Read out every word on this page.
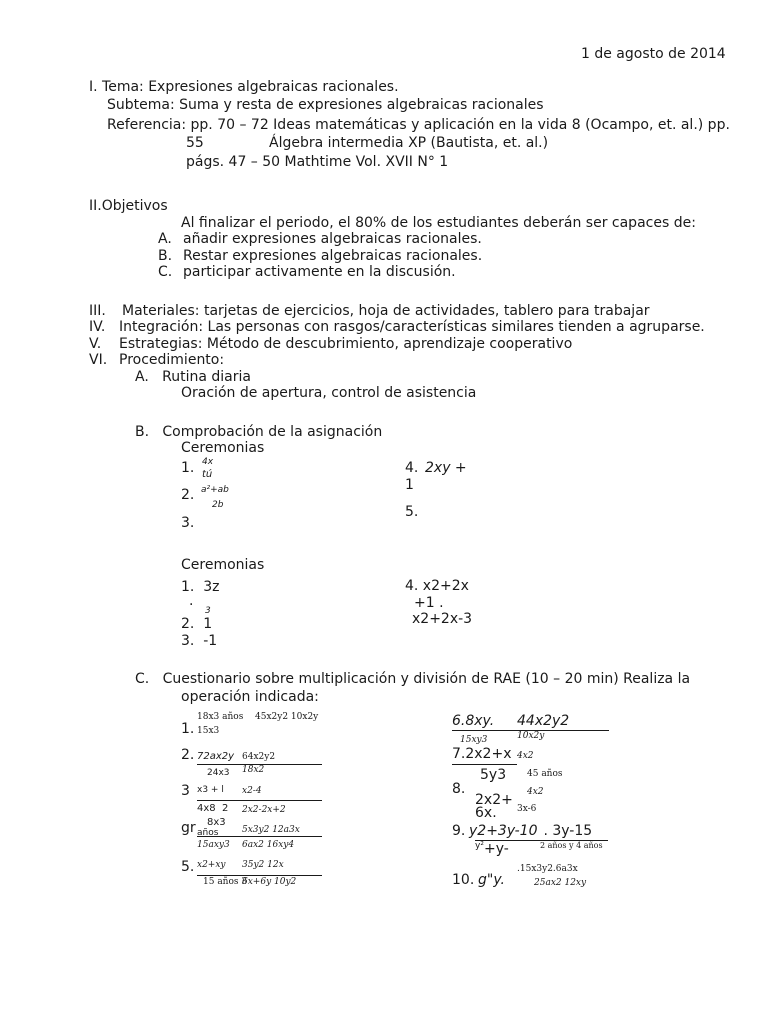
1 de agosto de 2014
I. Tema: Expresiones algebraicas racionales.
Subtema: Suma y resta de expresiones algebraicas racionales
Referencia: pp. 70 – 72 Ideas matemáticas y aplicación en la vida 8 (Ocampo, et. al.) pp.
55	Álgebra intermedia XP (Bautista, et. al.)
págs. 47 – 50 Mathtime Vol. XVII N° 1
II.Objetivos
Al finalizar el periodo, el 80% de los estudiantes deberán ser capaces de:
A. añadir expresiones algebraicas racionales.
B. Restar expresiones algebraicas racionales.
C. participar activamente en la discusión.
III. Materiales: tarjetas de ejercicios, hoja de actividades, tablero para trabajar
IV. Integración: Las personas con rasgos/características similares tienden a agruparse.
V. Estrategias: Método de descubrimiento, aprendizaje cooperativo
VI. Procedimiento:
A.   Rutina diaria
Oración de apertura, control de asistencia
B.   Comprobación de la asignación
Ceremonias
1. 4x
tú
2. a²+ab
2b
3.
4. 2xy +
1
5.
Ceremonias
1.  3z
.
3
2.  1
3.  -1
4. x2+2x
+1 .
x2+2x-3
C.   Cuestionario sobre multiplicación y división de RAE (10 – 20 min) Realiza la
operación indicada:
1.
18x3 años 45x2y2 10x2y
15x3
2. 72ax2y 64x2y2
24x3 18x2
3 x3 + l x2-4
4x8  2 2x2-2x+2
gr 8x3
años	5x3y2 12a3x
15axy3 6ax2 16xy4
5. x2+xy 35y2 12x
15 años 3
6x+6y 10y2
6.8xy. 44x2y2
15xy3	10x2y
7.2x2+x 4x2
5y3 45 años
8.	4x2
2x2+
6x. 3x-6
9. y2+3y-10 . 3y-15
y² +y-	2 años y 4 años
10. g"y.
.15x3y2.6a3x
25ax2 12xy
